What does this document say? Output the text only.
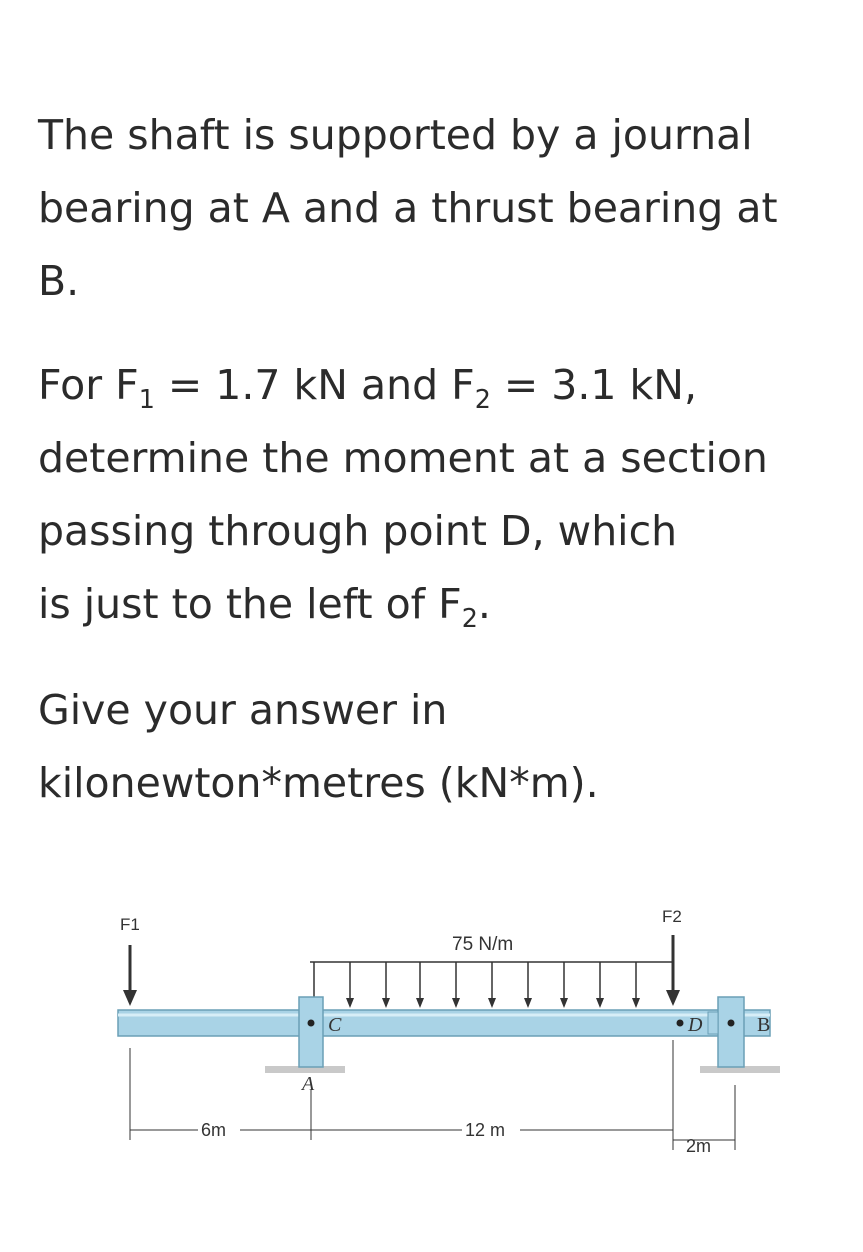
The shaft is supported by a journal
bearing at A and a thrust bearing at
B.
For $F_1 = 1.7$ kN and $F_2 = 3.1$ kN,
determine the moment at a section
passing through point D, which
is just to the left of $F_2$.
Give your answer in
kilonewton*metres (kN*m).
F1	F2
75 N/m
A
C	D	B
6m	12 m
2m
